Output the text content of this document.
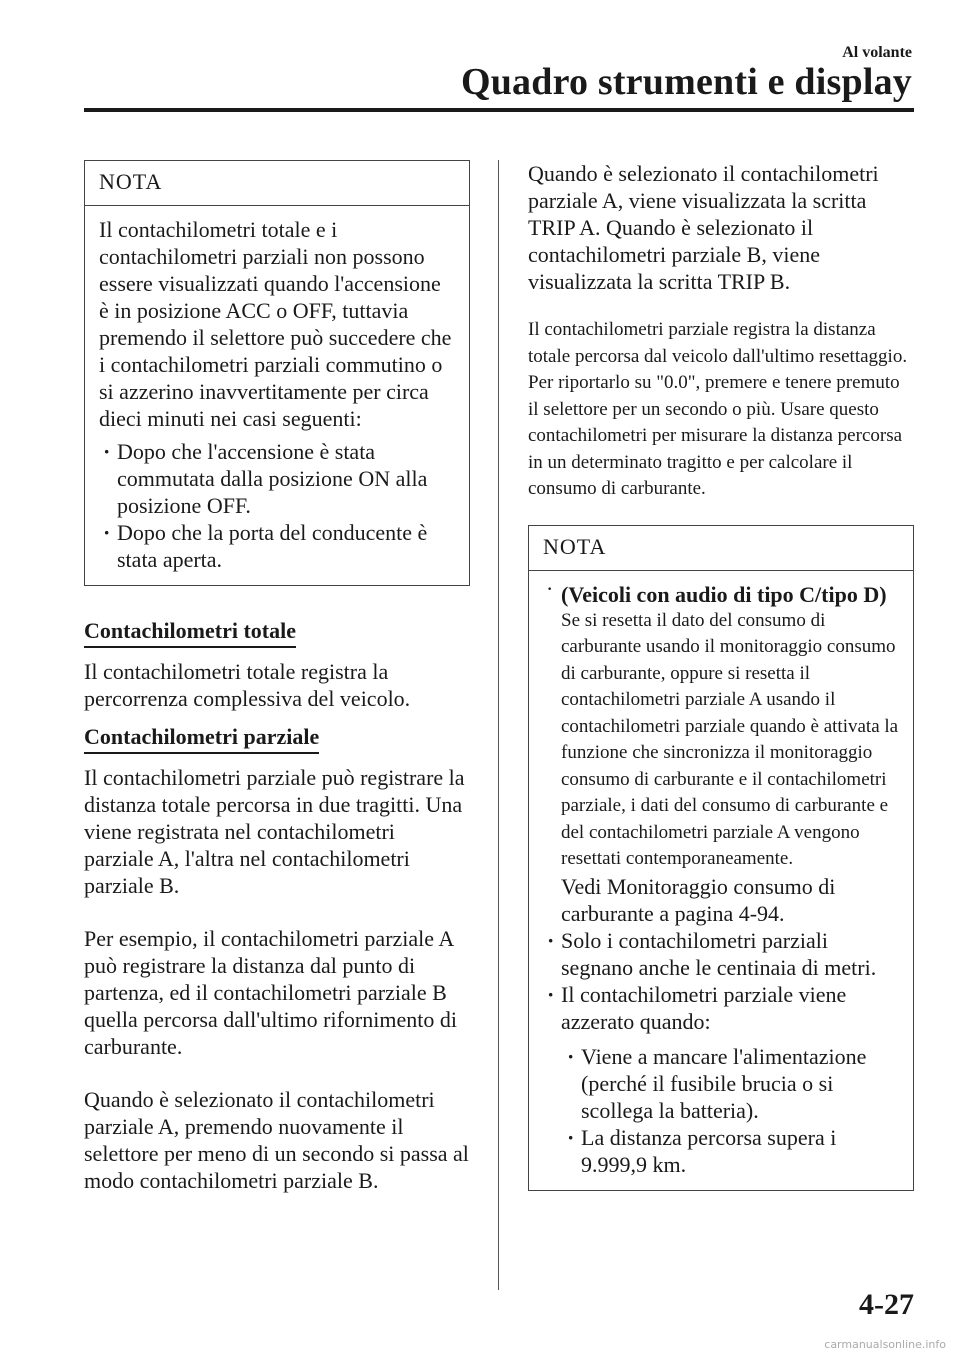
Al volante
Quadro strumenti e display
NOTA

Il contachilometri totale e i contachilometri parziali non possono essere visualizzati quando l'accensione è in posizione ACC o OFF, tuttavia premendo il selettore può succedere che i contachilometri parziali commutino o si azzerino inavvertitamente per circa dieci minuti nei casi seguenti:

· Dopo che l'accensione è stata commutata dalla posizione ON alla posizione OFF.

· Dopo che la porta del conducente è stata aperta.

Contachilometri totale

Il contachilometri totale registra la percorrenza complessiva del veicolo.

Contachilometri parziale

Il contachilometri parziale può registrare la distanza totale percorsa in due tragitti. Una viene registrata nel contachilometri parziale A, l'altra nel contachilometri parziale B.

Per esempio, il contachilometri parziale A può registrare la distanza dal punto di partenza, ed il contachilometri parziale B quella percorsa dall'ultimo rifornimento di carburante.

Quando è selezionato il contachilometri parziale A, premendo nuovamente il selettore per meno di un secondo si passa al modo contachilometri parziale B.

Quando è selezionato il contachilometri parziale A, viene visualizzata la scritta TRIP A. Quando è selezionato il contachilometri parziale B, viene visualizzata la scritta TRIP B.

Il contachilometri parziale registra la distanza totale percorsa dal veicolo dall'ultimo resettaggio. Per riportarlo su "0.0", premere e tenere premuto il selettore per un secondo o più. Usare questo contachilometri per misurare la distanza percorsa in un determinato tragitto e per calcolare il consumo di carburante.

NOTA

· (Veicoli con audio di tipo C/tipo D)

Se si resetta il dato del consumo di carburante usando il monitoraggio consumo di carburante, oppure si resetta il contachilometri parziale A usando il contachilometri parziale quando è attivata la funzione che sincronizza il monitoraggio consumo di carburante e il contachilometri parziale, i dati del consumo di carburante e del contachilometri parziale A vengono resettati contemporaneamente.

Vedi Monitoraggio consumo di carburante a pagina 4-94.

· Solo i contachilometri parziali segnano anche le centinaia di metri.

· Il contachilometri parziale viene azzerato quando:

· Viene a mancare l'alimentazione (perché il fusibile brucia o si scollega la batteria).

· La distanza percorsa supera i 9.999,9 km.

4-27
carmanualsonline.info
